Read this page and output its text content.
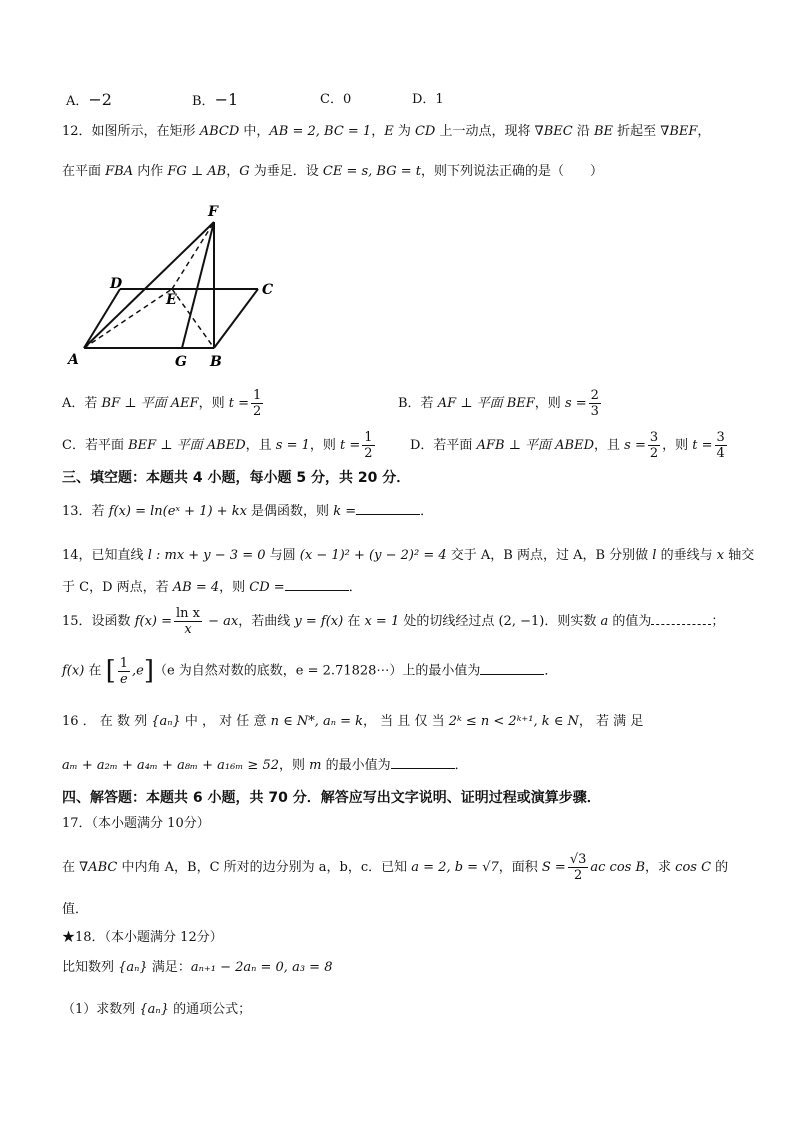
A．−2	B．−1	C．0	D．1
12．如图所示，在矩形 ABCD 中，AB = 2, BC = 1，E 为 CD 上一动点，现将 ∇BEC 沿 BE 折起至 ∇BEF，
在平面 FBA 内作 FG ⊥ AB，G 为垂足．设 CE = s, BG = t，则下列说法正确的是（　　）
F
D
E
C
A	G B
A．若 BF ⊥ 平面 AEF，则 $t = \frac{1}{2}$	B．若 AF ⊥ 平面 BEF，则 $s = \frac{2}{3}$
C．若平面 BEF ⊥ 平面 ABED，且 s = 1，则 $t = \frac{1}{2}$	D．若平面 AFB ⊥ 平面 ABED，且 $s = \frac{3}{2}$ ，则 $t = \frac{3}{4}$
三、填空题：本题共 4 小题，每小题 5 分，共 20 分．
13．若 f(x) = ln(eˣ + 1) + kx 是偶函数，则 k =	．
14，已知直线 l : mx + y − 3 = 0 与圆 (x − 1)² + (y − 2)² = 4 交于 A，B 两点，过 A，B 分别做 l 的垂线与 x 轴交
于 C，D 两点，若 AB = 4，则 CD =	．
15．设函数 $f(x) = \frac{\text{ln x}}{x}$ − ax，若曲线 y = f(x) 在 x = 1 处的切线经过点 (2, −1)．则实数 a 的值为	；
f(x) 在 [ $\frac{1}{e} ,e](e$ 为自然对数的底数，e = 2.71828⋯）上的最小值为	．
16 ． 在 数 列 {aₙ} 中 ， 对 任 意 n ∈ N*, aₙ = k， 当 且 仅 当 2ᵏ ≤ n < 2ᵏ⁺¹, k ∈ N， 若 满 足
aₘ + a₂ₘ + a₄ₘ + a₈ₘ + a₁₆ₘ ≥ 52，则 m 的最小值为	．
四、解答题：本题共 6 小题，共 70 分．解答应写出文字说明、证明过程或演算步骤．
17．（本小题满分 10分）
在 ∇ABC 中内角 A，B，C 所对的边分别为 a，b，c．已知 a = 2, b = √7，面积 $S = \frac{√3}{2}$ ac cos B，求 cos C 的
值．
★18．（本小题满分 12分）
比知数列 {aₙ} 满足：aₙ₊₁ − 2aₙ = 0, a₃ = 8
（1）求数列 {aₙ} 的通项公式；
